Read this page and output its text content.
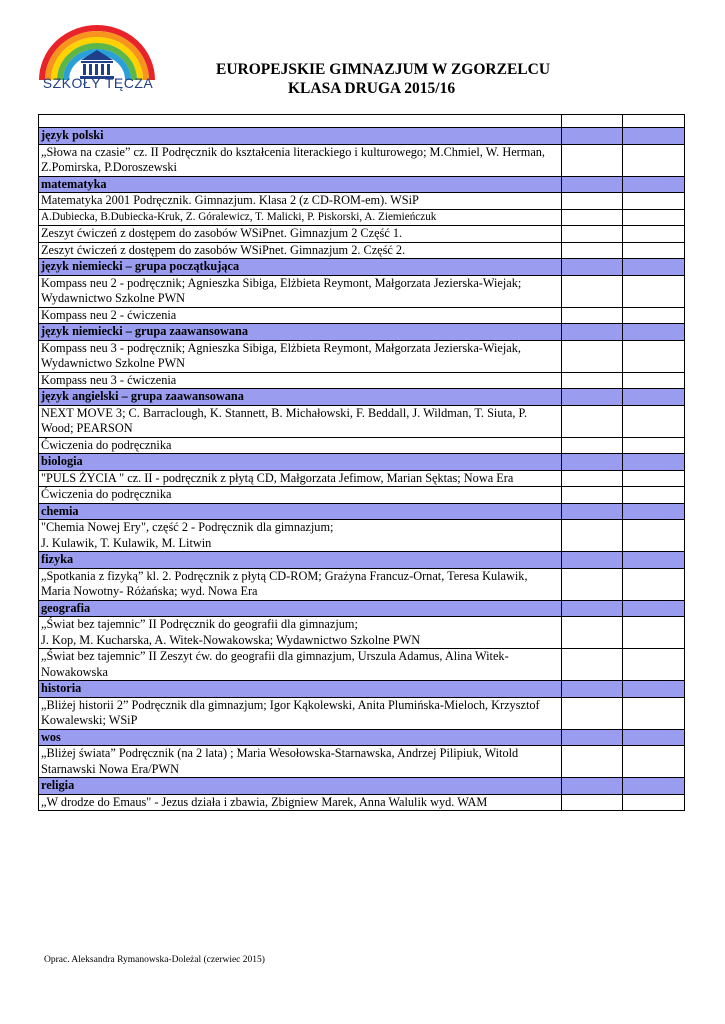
SZKOŁY TĘCZA
EUROPEJSKIE GIMNAZJUM W ZGORZELCU
KLASA DRUGA 2015/16

język polski		
„Słowa na czasie” cz. II Podręcznik do kształcenia literackiego i kulturowego; M.Chmiel, W. Herman, Z.Pomirska, P.Doroszewski		
matematyka		
Matematyka 2001 Podręcznik. Gimnazjum. Klasa 2 (z CD-ROM-em). WSiP		
A.Dubiecka, B.Dubiecka-Kruk, Z. Góralewicz, T. Malicki, P. Piskorski, A. Ziemieńczuk		
Zeszyt ćwiczeń z dostępem do zasobów WSiPnet. Gimnazjum 2 Część 1.		
Zeszyt ćwiczeń z dostępem do zasobów WSiPnet. Gimnazjum 2. Część 2.		
język niemiecki – grupa początkująca		
Kompass neu 2 - podręcznik; Agnieszka Sibiga, Elżbieta Reymont, Małgorzata Jezierska-Wiejak; Wydawnictwo Szkolne PWN		
Kompass neu 2 - ćwiczenia		
język niemiecki – grupa zaawansowana		
Kompass neu 3 - podręcznik; Agnieszka Sibiga, Elżbieta Reymont, Małgorzata Jezierska-Wiejak, Wydawnictwo Szkolne PWN		
Kompass neu 3 - ćwiczenia		
język angielski – grupa zaawansowana		
NEXT MOVE 3; C. Barraclough, K. Stannett, B. Michałowski, F. Beddall, J. Wildman, T. Siuta, P. Wood; PEARSON		
Ćwiczenia do podręcznika		
biologia		
"PULS ŻYCIA " cz. II - podręcznik z płytą CD, Małgorzata Jefimow, Marian Sęktas; Nowa Era		
Ćwiczenia do podręcznika		
chemia		
"Chemia Nowej Ery", część 2 - Podręcznik dla gimnazjum;
J. Kulawik, T. Kulawik, M. Litwin		
fizyka		
„Spotkania z fizyką” kl. 2. Podręcznik z płytą CD-ROM; Grażyna Francuz-Ornat, Teresa Kulawik, Maria Nowotny- Różańska; wyd. Nowa Era		
geografia		
„Świat bez tajemnic” II Podręcznik do geografii dla gimnazjum;
J. Kop, M. Kucharska, A. Witek-Nowakowska; Wydawnictwo Szkolne PWN		
„Świat bez tajemnic” II Zeszyt ćw. do geografii dla gimnazjum, Urszula Adamus, Alina Witek-Nowakowska		
historia		
„Bliżej historii 2” Podręcznik dla gimnazjum; Igor Kąkolewski, Anita Plumińska-Mieloch, Krzysztof Kowalewski; WSiP		
wos		
„Bliżej świata” Podręcznik (na 2 lata) ; Maria Wesołowska-Starnawska, Andrzej Pilipiuk, Witold Starnawski Nowa Era/PWN		
religia		
„W drodze do Emaus" - Jezus działa i zbawia, Zbigniew Marek, Anna Walulik wyd. WAM		
Oprac. Aleksandra Rymanowska-Doleżal (czerwiec 2015)
